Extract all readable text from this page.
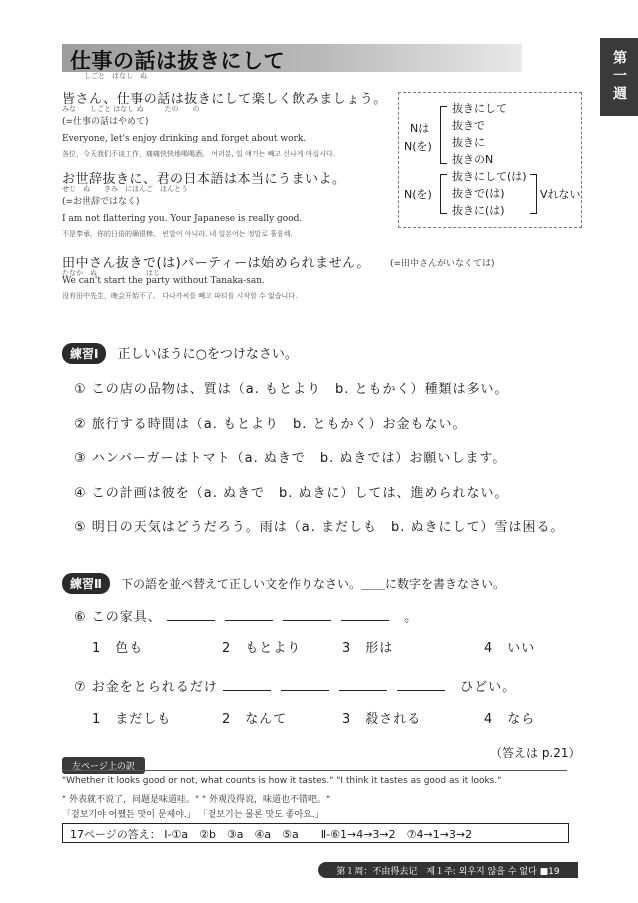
仕事の話は抜きにして
しごと　はなし　ぬ	第一週
皆さん、仕事の話は抜きにして楽しく飲みましょう。
みな　　しごと はなし ぬ　　　たの　　の
(=仕事の話はやめて)
Everyone, let's enjoy drinking and forget about work.
各位，今天我们不谈工作，痛痛快快地喝喝酒。 여러분, 일 얘기는 빼고 신나게 마십시다.
お世辞抜きに、君の日本語は本当にうまいよ。
せじ　ぬ　　きみ　にほんご　ほんとう
(=お世辞ではなく)
I am not flattering you. Your Japanese is really good.
不是奉承，你的日语的确很棒。 빈말이 아니라, 네 일본어는 정말로 훌륭해.
田中さん抜きで(は)パーティーは始められません。 (=田中さんがいなくては)
たなか　ぬ　　　　　　　はじ
We can't start the party without Tanaka-san.
没有田中先生，晚会开始不了。 다나카씨를 빼고 파티를 시작할 수 없습니다.
Nは
N(を)
抜きにして
抜きで
抜きに
抜きのN
N(を)
抜きにして(は)
抜きで(は)
抜きに(は)
Vれない
練習Ⅰ 正しいほうに○をつけなさい。
① この店の品物は、質は（a. もとより　b. ともかく）種類は多い。
② 旅行する時間は（a. もとより　b. ともかく）お金もない。
③ ハンバーガーはトマト（a. ぬきで　b. ぬきでは）お願いします。
④ この計画は彼を（a. ぬきで　b. ぬきに）しては、進められない。
⑤ 明日の天気はどうだろう。雨は（a. まだしも　b. ぬきにして）雪は困る。
練習Ⅱ 下の語を並べ替えて正しい文を作りなさい。＿＿に数字を書きなさい。
⑥ この家具、	。
1　色も	2　もとより	3　形は	4　いい
⑦ お金をとられるだけ	ひどい。
1　まだしも	2　なんて	3　殺される	4　なら
（答えは p.21）
左ページ上の訳
"Whether it looks good or not, what counts is how it tastes." "I think it tastes as good as it looks."
" 外表就不说了，问题是味道哇。" " 外观没得说，味道也不错吧。"
「겉보기야 어쨌든 맛이 문제야.」 「겉보기는 물론 맛도 좋아요.」
17ページの答え： Ⅰ-①a　②b　③a　④a　⑤a　　Ⅱ-⑥1→4→3→2　⑦4→1→3→2
第１周：不由得去记　제１주: 외우지 않을 수 없다 ■19
